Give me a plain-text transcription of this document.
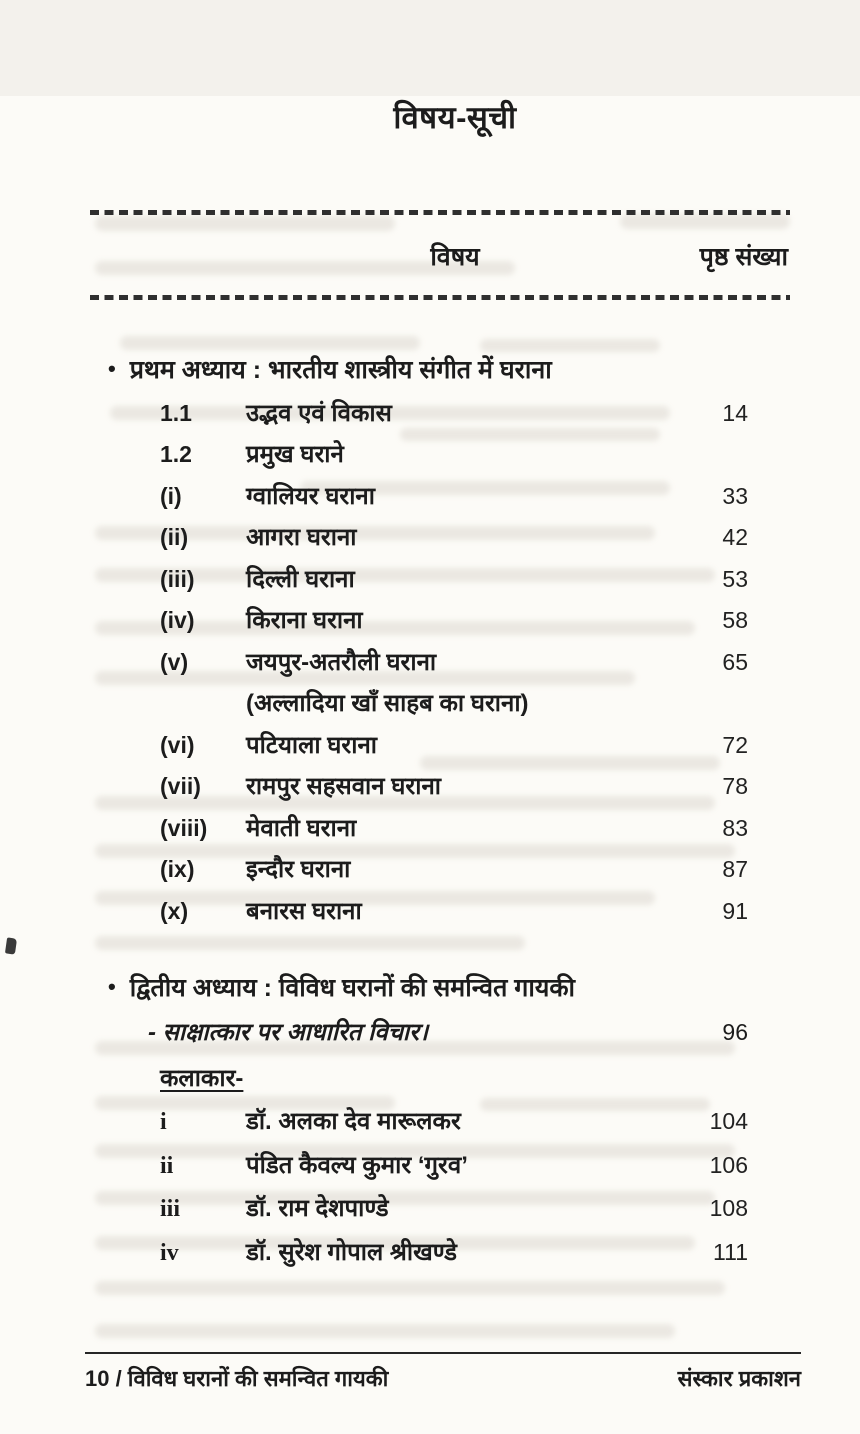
विषय-सूची
विषय	पृष्ठ संख्या
• प्रथम अध्याय : भारतीय शास्त्रीय संगीत में घराना
1.1	उद्भव एवं विकास	14
1.2	प्रमुख घराने
(i)	ग्वालियर घराना	33
(ii)	आगरा घराना	42
(iii)	दिल्ली घराना	53
(iv)	किराना घराना	58
(v)	जयपुर-अतरौली घराना	65
(अल्लादिया खाँ साहब का घराना)
(vi)	पटियाला घराना	72
(vii)	रामपुर सहसवान घराना	78
(viii)	मेवाती घराना	83
(ix)	इन्दौर घराना	87
(x)	बनारस घराना	91
• द्वितीय अध्याय : विविध घरानों की समन्वित गायकी
- साक्षात्कार पर आधारित विचार।	96
कलाकार-
i	डॉ. अलका देव मारूलकर	104
ii	पंडित कैवल्य कुमार ‘गुरव’	106
iii	डॉ. राम देशपाण्डे	108
iv	डॉ. सुरेश गोपाल श्रीखण्डे	111
10 / विविध घरानों की समन्वित गायकी	संस्कार प्रकाशन
